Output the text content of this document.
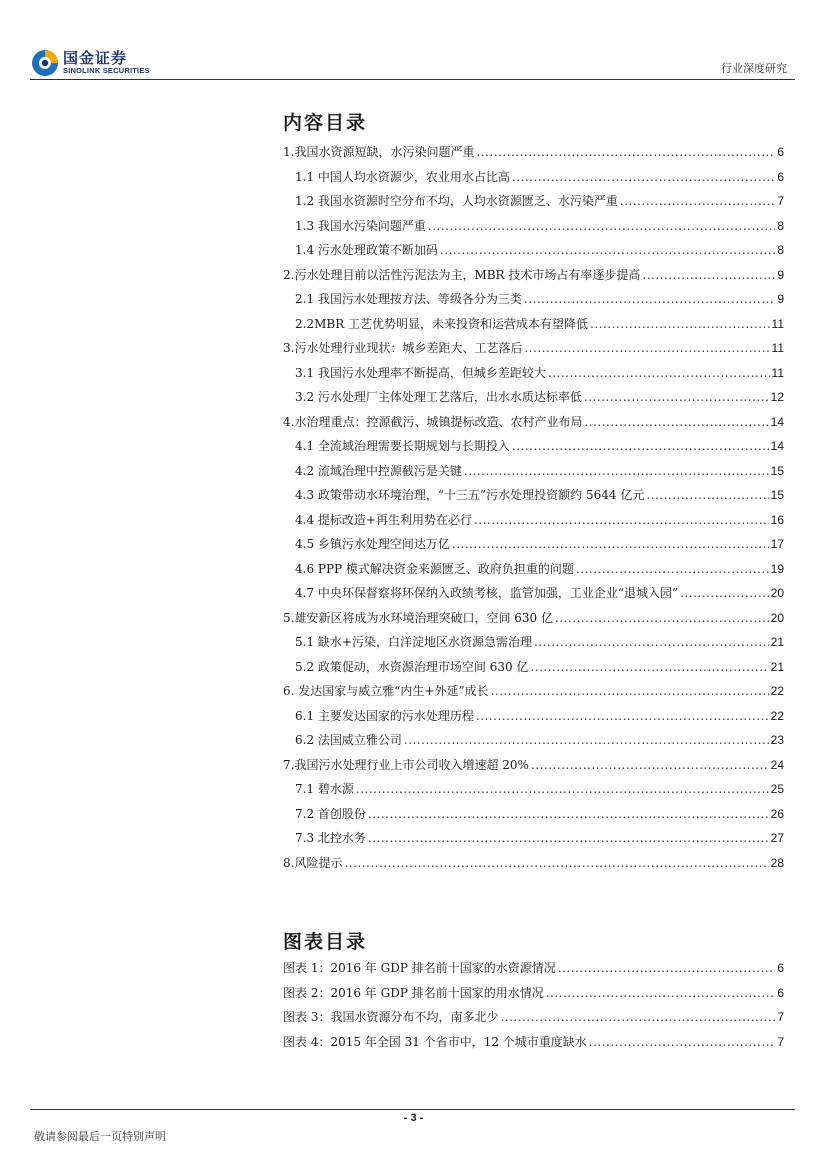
国金证券
SINOLINK SECURITIES	行业深度研究
内容目录
1.我国水资源短缺，水污染问题严重 .....	6
1.1 中国人均水资源少，农业用水占比高 .....	6
1.2 我国水资源时空分布不均，人均水资源匮乏、水污染严重 .....	7
1.3 我国水污染问题严重 .....	8
1.4 污水处理政策不断加码 .....	8
2.污水处理目前以活性污泥法为主，MBR 技术市场占有率逐步提高 .....	9
2.1 我国污水处理按方法、等级各分为三类 .....	9
2.2MBR 工艺优势明显，未来投资和运营成本有望降低 .....	11
3.污水处理行业现状：城乡差距大、工艺落后 .....	11
3.1 我国污水处理率不断提高，但城乡差距较大 .....	11
3.2 污水处理厂主体处理工艺落后，出水水质达标率低 .....	12
4.水治理重点：控源截污、城镇提标改造、农村产业布局 .....	14
4.1 全流域治理需要长期规划与长期投入 .....	14
4.2 流域治理中控源截污是关键 .....	15
4.3 政策带动水环境治理，“十三五”污水处理投资额约 5644 亿元 .....	15
4.4 提标改造+再生利用势在必行 .....	16
4.5 乡镇污水处理空间达万亿 .....	17
4.6 PPP 模式解决资金来源匮乏、政府负担重的问题 .....	19
4.7 中央环保督察将环保纳入政绩考核，监管加强，工业企业“退城入园” .....	20
5.雄安新区将成为水环境治理突破口，空间 630 亿 .....	20
5.1 缺水+污染，白洋淀地区水资源急需治理 .....	21
5.2 政策促动，水资源治理市场空间 630 亿 .....	21
6. 发达国家与威立雅“内生+外延”成长 .....	22
6.1 主要发达国家的污水处理历程 .....	22
6.2 法国威立雅公司 .....	23
7.我国污水处理行业上市公司收入增速超 20% .....	24
7.1 碧水源 .....	25
7.2 首创股份 .....	26
7.3 北控水务 .....	27
8.风险提示 .....	28
图表目录
图表 1：2016 年 GDP 排名前十国家的水资源情况 .....	6
图表 2：2016 年 GDP 排名前十国家的用水情况 .....	6
图表 3：我国水资源分布不均，南多北少 .....	7
图表 4：2015 年全国 31 个省市中，12 个城市重度缺水 .....	7
- 3 -
敬请参阅最后一页特别声明
